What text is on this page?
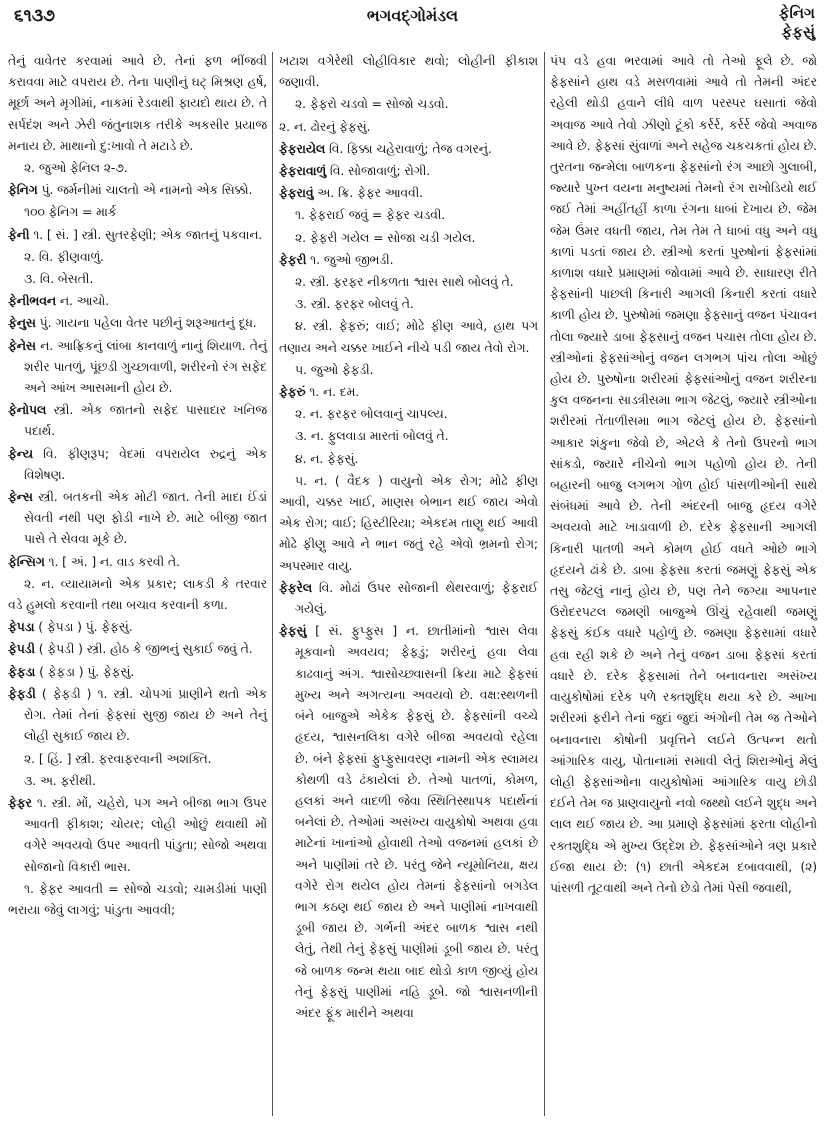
૬૧૩૭	ભગવદ્ગોમંડલ	ફેનિગ
ફેફસું

તેનું વાવેતર કરવામાં આવે છે. તેનાં ફળ ભીંજવી કરાવવા માટે વપરાય છે. તેના પાણીનું ઘટ્ મિશ્રણ હર્ષ, મૂર્છા અને મૃગીમાં, નાકમાં રેડવાથી ફાયદો થાય છે. તે સર્પદંશ અને ઝેરી જંતુનાશક તરીકે અકસીર પ્રયાજ મનાય છે. માથાનો દુ:ખાવો તે મટાડે છે.

૨. જુઓ ફેનિલ ૨-૭.

ફેનિગ પું. જર્મનીમાં ચાલતો એ નામનો એક સિક્કો.

૧૦૦ ફેનિગ = માર્ક

ફેની ૧. [ સં. ] સ્ત્રી. સુતરફેણી; એક જાતનું પકવાન.

૨. વિ. ફીણવાળું.

૩. વિ. બેસતી.

ફેનીભવન ન. આચો.

ફેનુસ પું. ગાયના પહેલા વેતર પછીનું શરૂઆતનું દૂધ.

ફેનેસ ન. આફ્રિકનું લાંબા કાનવાળું નાનું શિયાળ. તેનું શરીર પાતળું, પૂંછડી ગુચ્છાવાળી, શરીરનો રંગ સફેદ અને આંખ આસમાની હોય છે.

ફેનોપલ સ્ત્રી. એક જાતનો સફેદ પાસાદાર ખનિજ પદાર્થ.

ફેન્ય વિ. ફીણરૂપ; વેદમાં વપરાયેલ રુદ્રનું એક વિશેષણ.

ફેન્સ સ્ત્રી. બતકની એક મોટી જાત. તેની માદા ઈંડાં સેવતી નથી પણ ફોડી નાખે છે. માટે બીજી જાત પાસે તે સેવવા મૂકે છે.

ફેન્સિગ ૧. [ અં. ] ન. વાડ કરવી તે.

૨. ન. વ્યાયામનો એક પ્રકાર; લાકડી કે તરવાર વડે હુમલો કરવાની તથા બચાવ કરવાની કળા.

ફેપડા ( ફેપડા ) પું. ફેફસું.

ફેપડી ( ફેપડી ) સ્ત્રી. હોઠ કે જીભનું સુકાઈ જવું તે.

ફેફડા ( ફેફડા ) પું. ફેફસું.

ફેફડી ( ફેફડી ) ૧. સ્ત્રી. ચોપગાં પ્રાણીને થતો એક રોગ. તેમાં તેનાં ફેફસાં સુજી જાય છે અને તેનું લોહી સુકાઈ જાય છે.

૨. [ હિં. ] સ્ત્રી. ફરવાફરવાની અશક્તિ.

૩. અ. ફરીથી.

ફેફર ૧. સ્ત્રી. મોં, ચહેરો, પગ અને બીજા ભાગ ઉપર આવતી ફીકાશ; ચોયર; લોહી ઓછું થવાથી મોં વગેરે અવયવો ઉપર આવતી પાંડુતા; સોજો અથવા સોજાનો વિકારી ભાસ.

૧. ફેફર આવતી = સોજો ચડવો; ચામડીમાં પાણી ભરાયા જેવું લાગવું; પાંડુતા આવવી;

ખટાશ વગેરેથી લોહીવિકાર થવો; લોહીની ફીકાશ જણાવી.

૨. ફેફરો ચડવો = સોજો ચડવો.

૨. ન. ઢોરનું ફેફસું.

ફેફરાયેલ વિ. ફિક્કા ચહેરાવાળું; તેજ વગરનું.

ફેફરાવાળું વિ. સોજાવાળું; રોગી.

ફેફરાવું અ. ક્રિ. ફેફર આવવી.

૧. ફેફરાઈ જવું = ફેફર ચડવી.

૨. ફેફરી ગયેલ = સોજા ચડી ગયેલ.

ફેફરી ૧. જુઓ જીભડી.

૨. સ્ત્રી. ફરફર નીકળતા શ્વાસ સાથે બોલવું તે.

૩. સ્ત્રી. ફરફર બોલવું તે.

૪. સ્ત્રી. ફેફરું; વાઈ; મોઢે ફીણ આવે, હાથ પગ તણાય અને ચક્કર ખાઈને નીચે પડી જાય તેવો રોગ.

૫. જુઓ ફેફડી.

ફેફરું ૧. ન. દમ.

૨. ન. ફરફર બોલવાનું ચાપલ્ય.

૩. ન. ફુલવાડા મારતાં બોલવું તે.

૪. ન. ફેફસું.

૫. ન. ( વૈદક ) વાયુનો એક રોગ; મોઢે ફીણ આવી, ચક્કર ખાઈ, માણસ બેભાન થઈ જાય એવો એક રોગ; વાઈ; હિસ્ટીરિયા; એકદમ તાણુ થઈ આવી મોઢે ફીણુ આવે ને ભાન જતું રહે એવો ભ્રમનો રોગ; અપસ્માર વાયુ.

ફેફરેલ વિ. મોઢાં ઉપર સોજાની થેથરવાળું; ફેફરાઈ ગયેલું.

ફેફસું [ સં. ફુપ્ફુસ ] ન. છાતીમાંનો શ્વાસ લેવા મૂકવાનો અવયવ; ફેફડું; શરીરનું હવા લેવા કાઢવાનું અંગ. શ્વાસોચ્છ્વાસની ક્રિયા માટે ફેફસાં મુખ્ય અને અગત્યના અવયવો છે. વક્ષ:સ્થળની બંને બાજુએ એકેક ફેફસું છે. ફેફસાંની વચ્ચે હૃદય, શ્વાસનલિકા વગેરે બીજા અવયવો રહેલા છે. બંને ફેફસાં ફુપ્ફુસાવરણ નામની એક સ્લામય કોથળી વડે ઢંકાયેલાં છે. તેઓ પાતળાં, કોમળ, હલકાં અને વાદળી જેવા સ્થિતિસ્થાપક પદાર્થનાં બનેલાં છે. તેઓમાં અસંખ્ય વાયુકોષો અથવા હવા માટેનાં ખાનાંઓ હોવાથી તેઓ વજનમાં હલકાં છે અને પાણીમાં તરે છે. પરંતુ જેને ન્યૂમોનિયા, ક્ષય વગેરે રોગ થયેલ હોય તેમનાં ફેફસાંનો બગડેલ ભાગ કઠણ થઈ જાય છે અને પાણીમાં નાખવાથી ડૂબી જાય છે. ગર્ભની અંદર બાળક શ્વાસ નથી લેતું, તેથી તેનું ફેફસું પાણીમાં ડૂબી જાય છે. પરંતુ જે બાળક જન્મ થયા બાદ થોડો કાળ જીવ્યું હોય તેનું ફેફસું પાણીમાં નહિ ડૂબે. જો શ્વાસનળીની અંદર ફૂંક મારીને અથવા

પંપ વડે હવા ભરવામાં આવે તો તેઓ ફૂલે છે. જો ફેફસાંને હાથ વડે મસળવામાં આવે તો તેમની અંદર રહેલી થોડી હવાને લીધે વાળ પરસ્પર ઘસાતાં જેવો અવાજ આવે તેવો ઝીણો ટૂંકો કર્રર્ર, કર્રર્ર જેવો અવાજ આવે છે. ફેફસાં સુંવાળાં અને સહેજ ચકચકતાં હોય છે. તુરતના જન્મેલા બાળકના ફેફસાંનો રંગ આછો ગુલાબી, જ્યારે પુખ્ત વયના મનુષ્યમાં તેમનો રંગ રાખોડિયો થઈ જઈ તેમાં અહીંતહીં કાળા રંગના ધાબાં દેખાય છે. જેમ જેમ ઉંમર વધતી જાય, તેમ તેમ તે ધાબાં વધુ અને વધુ કાળાં પડતાં જાય છે. સ્ત્રીઓ કરતાં પુરુષોનાં ફેફસાંમાં કાળાશ વધારે પ્રમાણમાં જોવામાં આવે છે. સાધારણ રીતે ફેફસાંની પાછલી કિનારી આગલી કિનારી કરતાં વધારે કાળી હોય છે. પુરુષોમાં જમણા ફેફસાનું વજન પંચાવન તોલા જ્યારે ડાબા ફેફસાનું વજન પચાસ તોલા હોય છે. સ્ત્રીઓનાં ફેફસાંઓનું વજન લગભગ પાંચ તોલા ઓછું હોય છે. પુરુષોના શરીરમાં ફેફસાંઓનું વજન શરીરના કુલ વજનના સાડત્રીસમા ભાગ જેટલું, જ્યારે સ્ત્રીઓના શરીરમાં તેંતાળીસમા ભાગ જેટલું હોય છે. ફેફસાંનો આકાર શંકુના જેવો છે, એટલે કે તેનો ઉપરનો ભાગ સાંકડો, જ્યારે નીચેનો ભાગ પહોળો હોય છે. તેની બહારની બાજુ લગભગ ગોળ હોઈ પાંસળીઓની સાથે સંબંધમાં આવે છે. તેની અંદરની બાજુ હૃદય વગેરે અવયવો માટે ખાડાવાળી છે. દરેક ફેફસાની આગલી કિનારી પાતળી અને કોમળ હોઈ વધતે ઓછે ભાગે હૃદયને ઢાંકે છે. ડાબા ફેફસા કરતાં જમણું ફેફસું એક તસુ જેટલું નાનું હોય છે, પણ તેને જગ્યા આપનાર ઉરોદરપટલ જમણી બાજુએ ઊંચું રહેવાથી જમણું ફેફસું કંઈક વધારે પહોળું છે. જમણા ફેફસામાં વધારે હવા રહી શકે છે અને તેનું વજન ડાબા ફેફસાં કરતાં વધારે છે. દરેક ફેફસામાં તેને બનાવનારા અસંખ્ય વાયુકોષોમાં દરેક પળે રક્તશુદ્ધિ થયા કરે છે. આખા શરીરમાં ફરીને તેનાં જુદાં જુદાં અંગોની તેમ જ તેઓને બનાવનારા કોષોની પ્રવૃત્તિને લઈને ઉત્પન્ન થતો આંગારિક વાયુ, પોતાનામાં સમાવી લેતું શિરાઓનું મેલું લોહી ફેફસાંઓના વાયુકોષોમાં આંગારિક વાયુ છોડી દઈને તેમ જ પ્રાણવાયુનો નવો જથ્થો લઈને શુદ્ધ અને લાલ થઈ જાય છે. આ પ્રમાણે ફેફસાંમાં ફરતા લોહીનો રક્તશુદ્ધિ એ મુખ્ય ઉદ્દેશ છે. ફેફસાંઓને ત્રણ પ્રકારે ઈજા થાય છે: (૧) છાતી એકદમ દબાવવાથી, (૨) પાંસળી તૂટવાથી અને તેનો છેડો તેમાં પેસી જવાથી,
